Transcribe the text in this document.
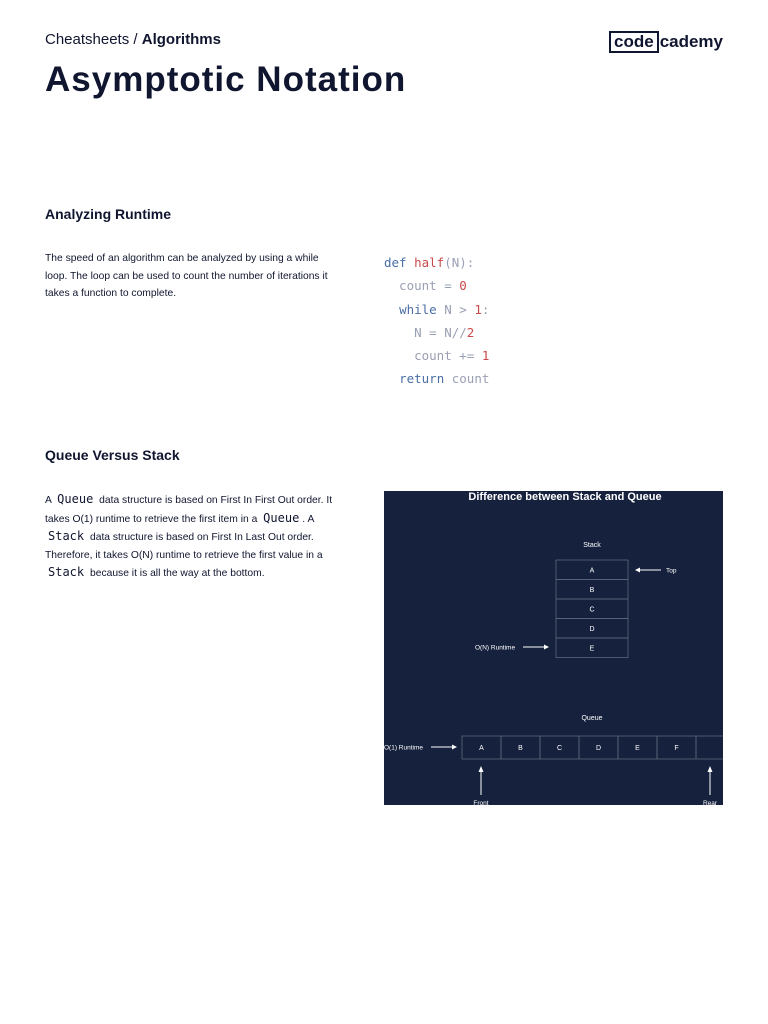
Cheatsheets / Algorithms	code cademy
Asymptotic Notation
Analyzing Runtime
The speed of an algorithm can be analyzed by using a while loop. The loop can be used to count the number of iterations it takes a function to complete.
def half(N):
count = 0
while N > 1:
N = N//2
count += 1
return count
Queue Versus Stack
A Queue data structure is based on First In First Out order. It takes O(1) runtime to retrieve the first item in a Queue . A Stack data structure is based on First In Last Out order. Therefore, it takes O(N) runtime to retrieve the first value in a Stack because it is all the way at the bottom.
Difference between Stack and Queue
Stack
A
B
C
D
E
Top
O(N) Runtime
Queue
A	B	C	D	E	F
O(1) Runtime
Front	Rear
